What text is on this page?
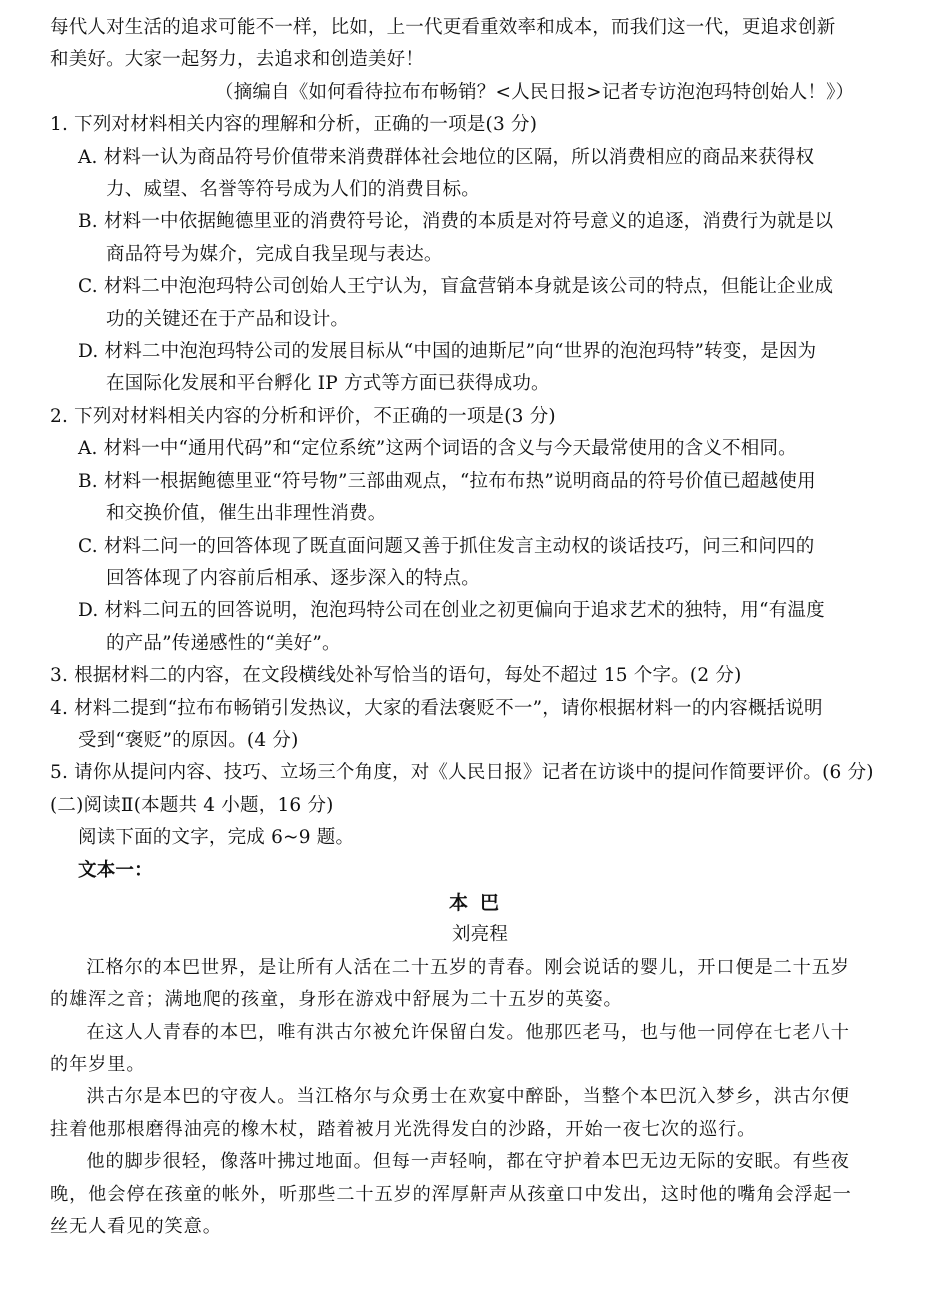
每代人对生活的追求可能不一样，比如，上一代更看重效率和成本，而我们这一代，更追求创新
和美好。大家一起努力，去追求和创造美好！
（摘编自《如何看待拉布布畅销？<人民日报>记者专访泡泡玛特创始人！》）
1. 下列对材料相关内容的理解和分析，正确的一项是(3 分)
A. 材料一认为商品符号价值带来消费群体社会地位的区隔，所以消费相应的商品来获得权
力、威望、名誉等符号成为人们的消费目标。
B. 材料一中依据鲍德里亚的消费符号论，消费的本质是对符号意义的追逐，消费行为就是以
商品符号为媒介，完成自我呈现与表达。
C. 材料二中泡泡玛特公司创始人王宁认为，盲盒营销本身就是该公司的特点，但能让企业成
功的关键还在于产品和设计。
D. 材料二中泡泡玛特公司的发展目标从“中国的迪斯尼”向“世界的泡泡玛特”转变，是因为
在国际化发展和平台孵化 IP 方式等方面已获得成功。
2. 下列对材料相关内容的分析和评价，不正确的一项是(3 分)
A. 材料一中“通用代码”和“定位系统”这两个词语的含义与今天最常使用的含义不相同。
B. 材料一根据鲍德里亚“符号物”三部曲观点，“拉布布热”说明商品的符号价值已超越使用
和交换价值，催生出非理性消费。
C. 材料二问一的回答体现了既直面问题又善于抓住发言主动权的谈话技巧，问三和问四的
回答体现了内容前后相承、逐步深入的特点。
D. 材料二问五的回答说明，泡泡玛特公司在创业之初更偏向于追求艺术的独特，用“有温度
的产品”传递感性的“美好”。
3. 根据材料二的内容，在文段横线处补写恰当的语句，每处不超过 15 个字。(2 分)
4. 材料二提到“拉布布畅销引发热议，大家的看法褒贬不一”，请你根据材料一的内容概括说明
受到“褒贬”的原因。(4 分)
5. 请你从提问内容、技巧、立场三个角度，对《人民日报》记者在访谈中的提问作简要评价。(6 分)
(二)阅读Ⅱ(本题共 4 小题，16 分)
阅读下面的文字，完成 6~9 题。
文本一：
本巴
刘亮程
江格尔的本巴世界，是让所有人活在二十五岁的青春。刚会说话的婴儿，开口便是二十五岁
的雄浑之音；满地爬的孩童，身形在游戏中舒展为二十五岁的英姿。
在这人人青春的本巴，唯有洪古尔被允许保留白发。他那匹老马，也与他一同停在七老八十
的年岁里。
洪古尔是本巴的守夜人。当江格尔与众勇士在欢宴中醉卧，当整个本巴沉入梦乡，洪古尔便
拄着他那根磨得油亮的橡木杖，踏着被月光洗得发白的沙路，开始一夜七次的巡行。
他的脚步很轻，像落叶拂过地面。但每一声轻响，都在守护着本巴无边无际的安眠。有些夜
晚，他会停在孩童的帐外，听那些二十五岁的浑厚鼾声从孩童口中发出，这时他的嘴角会浮起一
丝无人看见的笑意。
